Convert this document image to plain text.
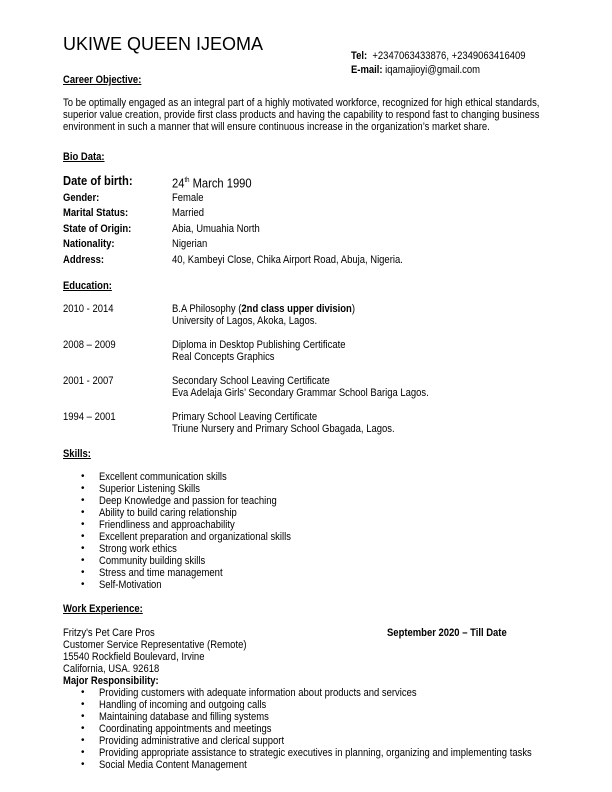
UKIWE QUEEN IJEOMA
Tel: +2347063433876, +2349063416409
E-mail: iqamajioyi@gmail.com
Career Objective:
To be optimally engaged as an integral part of a highly motivated workforce, recognized for high ethical standards,
superior value creation, provide first class products and having the capability to respond fast to changing business
environment in such a manner that will ensure continuous increase in the organization’s market share.
Bio Data:
Date of birth:	24th March 1990
Education:
Skills:
Work Experience:
Fritzy's Pet Care Pros	September 2020 – Till Date
Customer Service Representative (Remote)
15540 Rockfield Boulevard, Irvine
California, USA. 92618
Major Responsibility:
Gender:	Female
Marital Status:	Married
State of Origin:	Abia, Umuahia North
Nationality:	Nigerian
Address:	40, Kambeyi Close, Chika Airport Road, Abuja, Nigeria.
2010 - 2014	B.A Philosophy (2nd class upper division)
University of Lagos, Akoka, Lagos.
2008 – 2009	Diploma in Desktop Publishing Certificate
Real Concepts Graphics
2001 - 2007	Secondary School Leaving Certificate
Eva Adelaja Girls’ Secondary Grammar School Bariga Lagos.
1994 – 2001	Primary School Leaving Certificate
Triune Nursery and Primary School Gbagada, Lagos.
• Excellent communication skills
• Superior Listening Skills
• Deep Knowledge and passion for teaching
• Ability to build caring relationship
• Friendliness and approachability
• Excellent preparation and organizational skills
• Strong work ethics
• Community building skills
• Stress and time management
• Self-Motivation
• Providing customers with adequate information about products and services
• Handling of incoming and outgoing calls
• Maintaining database and filling systems
• Coordinating appointments and meetings
• Providing administrative and clerical support
• Providing appropriate assistance to strategic executives in planning, organizing and implementing tasks
• Social Media Content Management
